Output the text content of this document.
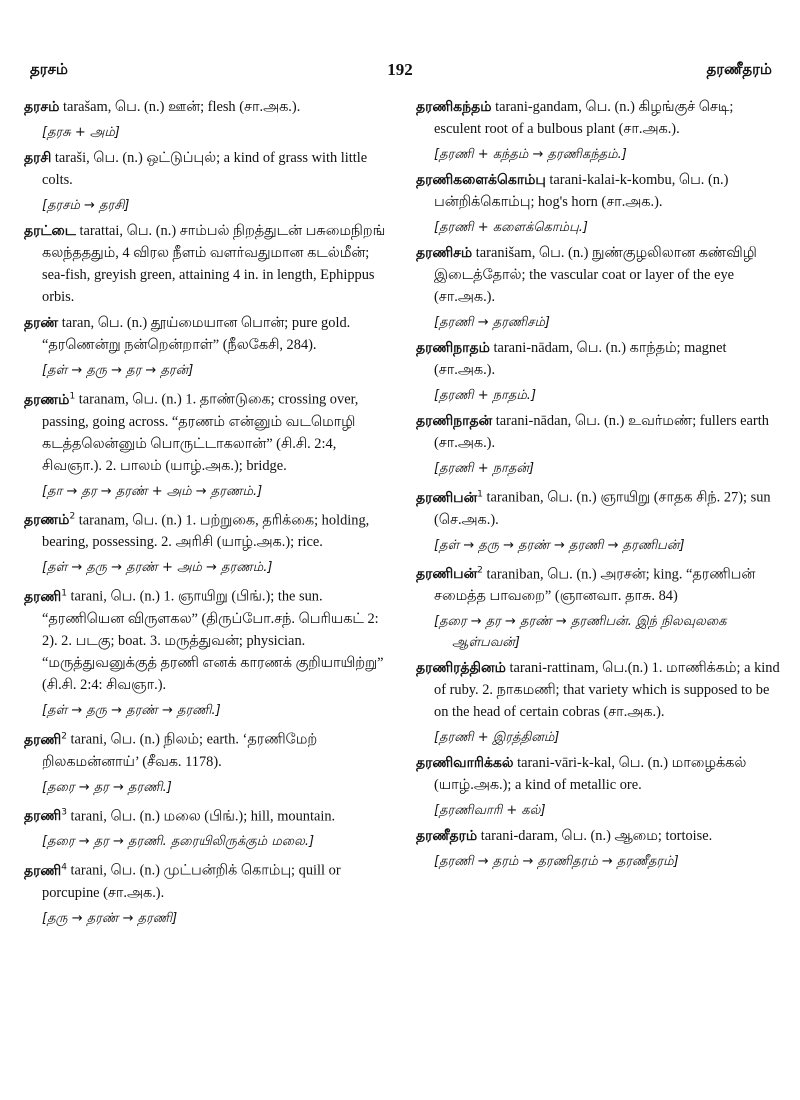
தரசம்	192	தரணீதரம்

தரசம் tarašam, பெ. (n.) ஊன்; flesh (சா.அக.).

[தரசு + அம்]

தரசி taraši, பெ. (n.) ஒட்டுப்புல்; a kind of grass with little colts.

[தரசம் → தரசி]

தரட்டை tarattai, பெ. (n.) சாம்பல் நிறத்துடன் பசுமைநிறங் கலந்தததும், 4 விரல நீளம் வளர்வதுமான கடல்மீன்; sea-fish, greyish green, attaining 4 in. in length, Ephippus orbis.

தரண் taran, பெ. (n.) தூய்மையான பொன்; pure gold. “தரணென்று நன்றென்றாள்” (நீலகேசி, 284).

[தள் → தரு → தர → தரன்]

தரணம்$^1$ taranam, பெ. (n.) 1. தாண்டுகை; crossing over, passing, going across. “தரணம் என்னும் வடமொழி கடத்தலென்னும் பொருட்டாகலான்” (சி.சி. 2:4, சிவஞா.). 2. பாலம் (யாழ்.அக.); bridge.

[தா → தர → தரண் + அம் → தரணம்.]

தரணம்$^2$ taranam, பெ. (n.) 1. பற்றுகை, தரிக்கை; holding, bearing, possessing. 2. அரிசி (யாழ்.அக.); rice.

[தள் → தரு → தரண் + அம் → தரணம்.]

தரணி$^1$ tarani, பெ. (n.) 1. ஞாயிறு (பிங்.); the sun. “தரணியென விருளகல” (திருப்போ.சந். பெரியகட் 2: 2). 2. படகு; boat. 3. மருத்துவன்; physician. “மருத்துவனுக்குத் தரணி எனக் காரணக் குறியாயிற்று” (சி.சி. 2:4: சிவஞா.).

[தள் → தரு → தரண் → தரணி.]

தரணி$^2$ tarani, பெ. (n.) நிலம்; earth. ‘தரணிமேற் றிலகமன்னாய்’ (சீவக. 1178).

[தரை → தர → தரணி.]

தரணி$^3$ tarani, பெ. (n.) மலை (பிங்.); hill, mountain.

[தரை → தர → தரணி. தரையிலிருக்கும் மலை.]

தரணி$^4$ tarani, பெ. (n.) முட்பன்றிக் கொம்பு; quill or porcupine (சா.அக.).

[தரு → தரண் → தரணி]

தரணிகந்தம் tarani-gandam, பெ. (n.) கிழங்குச் செடி; esculent root of a bulbous plant (சா.அக.).

[தரணி + கந்தம் → தரணிகந்தம்.]

தரணிகளைக்கொம்பு tarani-kalai-k-kombu, பெ. (n.) பன்றிக்கொம்பு; hog's horn (சா.அக.).

[தரணி + களைக்கொம்பு.]

தரணிசம் taranišam, பெ. (n.) நுண்குழலிலான கண்விழி இடைத்தோல்; the vascular coat or layer of the eye (சா.அக.).

[தரணி → தரணிசம்]

தரணிநாதம் tarani-nādam, பெ. (n.) காந்தம்; magnet (சா.அக.).

[தரணி + நாதம்.]

தரணிநாதன் tarani-nādan, பெ. (n.) உவர்மண்; fullers earth (சா.அக.).

[தரணி + நாதன்]

தரணிபன்$^1$ taraniban, பெ. (n.) ஞாயிறு (சாதக சிந். 27); sun (செ.அக.).

[தள் → தரு → தரண் → தரணி → தரணிபன்]

தரணிபன்$^2$ taraniban, பெ. (n.) அரசன்; king. “தரணிபன் சமைத்த பாவறை” (ஞானவா. தாசு. 84)

[தரை → தர → தரண் → தரணிபன். இந் நிலவுலகை ஆள்பவன்]

தரணிரத்தினம் tarani-rattinam, பெ.(n.) 1. மாணிக்கம்; a kind of ruby. 2. நாகமணி; that variety which is supposed to be on the head of certain cobras (சா.அக.).

[தரணி + இரத்தினம்]

தரணிவாரிக்கல் tarani-vāri-k-kal, பெ. (n.) மாழைக்கல் (யாழ்.அக.); a kind of metallic ore.

[தரணிவாரி + கல்]

தரணீதரம் tarani-daram, பெ. (n.) ஆமை; tortoise.

[தரணி → தரம் → தரணிதரம் → தரணீதரம்]
